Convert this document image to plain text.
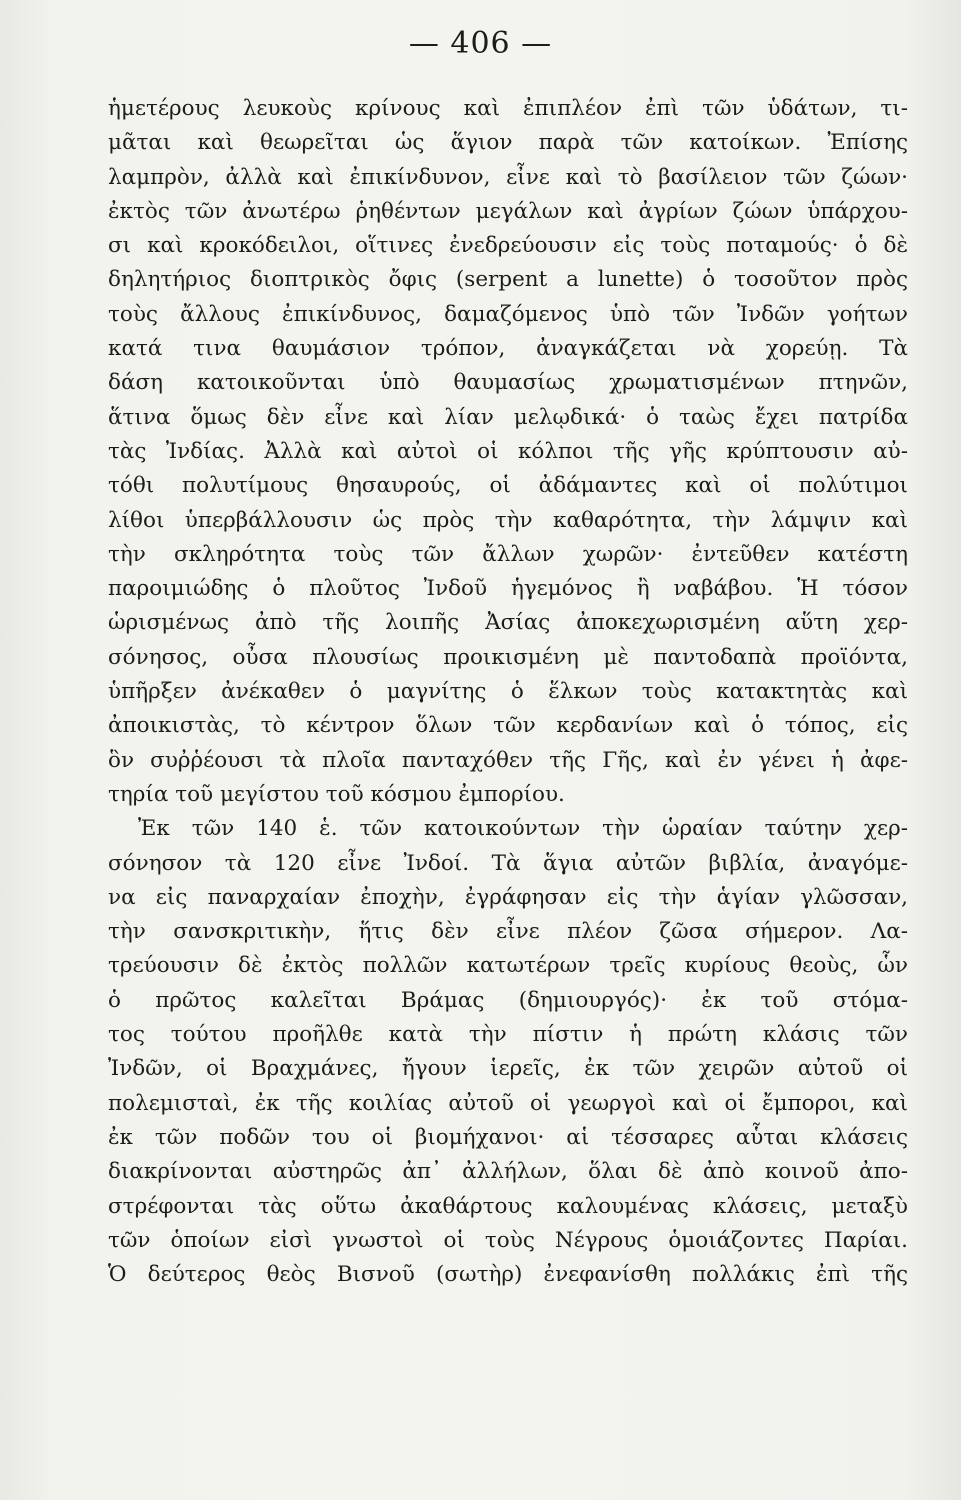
— 406 —
ἡμετέρους λευκοὺς κρίνους καὶ ἐπιπλέον ἐπὶ τῶν ὑδάτων, τι-
μᾶται καὶ θεωρεῖται ὡς ἅγιον παρὰ τῶν κατοίκων. Ἐπίσης
λαμπρὸν, ἀλλὰ καὶ ἐπικίνδυνον, εἶνε καὶ τὸ βασίλειον τῶν ζώων·
ἐκτὸς τῶν ἀνωτέρω ῥηθέντων μεγάλων καὶ ἀγρίων ζώων ὑπάρχου-
σι καὶ κροκόδειλοι, οἵτινες ἐνεδρεύουσιν εἰς τοὺς ποταμούς· ὁ δὲ
δηλητήριος διοπτρικὸς ὄφις (serpent a lunette) ὁ τοσοῦτον πρὸς
τοὺς ἄλλους ἐπικίνδυνος, δαμαζόμενος ὑπὸ τῶν Ἰνδῶν γοήτων
κατά τινα θαυμάσιον τρόπον, ἀναγκάζεται νὰ χορεύῃ. Τὰ
δάση κατοικοῦνται ὑπὸ θαυμασίως χρωματισμένων πτηνῶν,
ἅτινα ὅμως δὲν εἶνε καὶ λίαν μελῳδικά· ὁ ταὼς ἔχει πατρίδα
τὰς Ἰνδίας. Ἀλλὰ καὶ αὐτοὶ οἱ κόλποι τῆς γῆς κρύπτουσιν αὐ-
τόθι πολυτίμους θησαυρούς, οἱ ἀδάμαντες καὶ οἱ πολύτιμοι
λίθοι ὑπερβάλλουσιν ὡς πρὸς τὴν καθαρότητα, τὴν λάμψιν καὶ
τὴν σκληρότητα τοὺς τῶν ἄλλων χωρῶν· ἐντεῦθεν κατέστη
παροιμιώδης ὁ πλοῦτος Ἰνδοῦ ἡγεμόνος ἢ ναβάβου. Ἡ τόσον
ὡρισμένως ἀπὸ τῆς λοιπῆς Ἀσίας ἀποκεχωρισμένη αὕτη χερ-
σόνησος, οὖσα πλουσίως προικισμένη μὲ παντοδαπὰ προϊόντα,
ὑπῆρξεν ἀνέκαθεν ὁ μαγνίτης ὁ ἕλκων τοὺς κατακτητὰς καὶ
ἀποικιστὰς, τὸ κέντρον ὅλων τῶν κερδανίων καὶ ὁ τόπος, εἰς
ὃν συῤῥέουσι τὰ πλοῖα πανταχόθεν τῆς Γῆς, καὶ ἐν γένει ἡ ἀφε-
τηρία τοῦ μεγίστου τοῦ κόσμου ἐμπορίου.
Ἐκ τῶν 140 ἑ. τῶν κατοικούντων τὴν ὡραίαν ταύτην χερ-
σόνησον τὰ 120 εἶνε Ἰνδοί. Τὰ ἅγια αὐτῶν βιβλία, ἀναγόμε-
να εἰς παναρχαίαν ἐποχὴν, ἐγράφησαν εἰς τὴν ἁγίαν γλῶσσαν,
τὴν σανσκριτικὴν, ἥτις δὲν εἶνε πλέον ζῶσα σήμερον. Λα-
τρεύουσιν δὲ ἐκτὸς πολλῶν κατωτέρων τρεῖς κυρίους θεοὺς, ὧν
ὁ πρῶτος καλεῖται Βράμας (δημιουργός)· ἐκ τοῦ στόμα-
τος τούτου προῆλθε κατὰ τὴν πίστιν ἡ πρώτη κλάσις τῶν
Ἰνδῶν, οἱ Βραχμάνες, ἤγουν ἱερεῖς, ἐκ τῶν χειρῶν αὐτοῦ οἱ
πολεμισταὶ, ἐκ τῆς κοιλίας αὐτοῦ οἱ γεωργοὶ καὶ οἱ ἔμποροι, καὶ
ἐκ τῶν ποδῶν του οἱ βιομήχανοι· αἱ τέσσαρες αὗται κλάσεις
διακρίνονται αὐστηρῶς ἀπ᾽ ἀλλήλων, ὅλαι δὲ ἀπὸ κοινοῦ ἀπο-
στρέφονται τὰς οὕτω ἀκαθάρτους καλουμένας κλάσεις, μεταξὺ
τῶν ὁποίων εἰσὶ γνωστοὶ οἱ τοὺς Νέγρους ὁμοιάζοντες Παρίαι.
Ὁ δεύτερος θεὸς Βισνοῦ (σωτὴρ) ἐνεφανίσθη πολλάκις ἐπὶ τῆς
